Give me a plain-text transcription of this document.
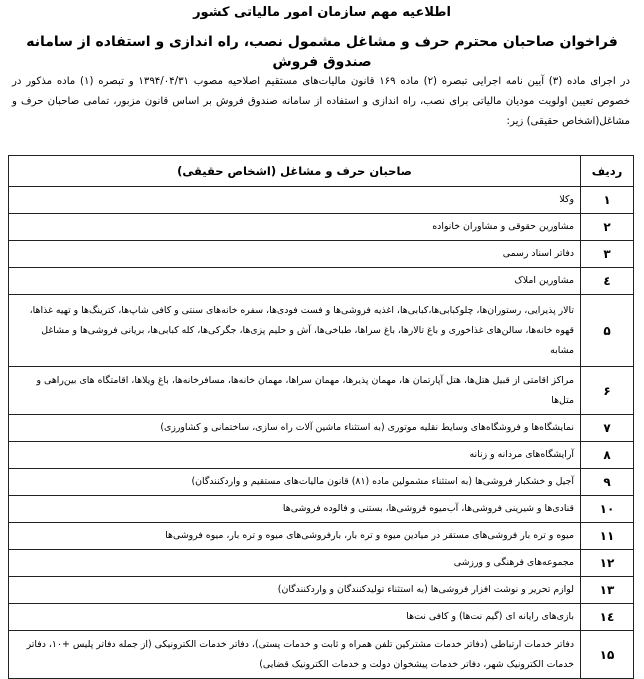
اطلاعیه مهم سازمان امور مالیاتی کشور
فراخوان صاحبان محترم حرف و مشاغل مشمول نصب، راه اندازی و استفاده از سامانه صندوق فروش
در اجرای ماده (۳) آیین نامه اجرایی تبصره (۲) ماده ۱۶۹ قانون مالیات‌های مستقیم اصلاحیه مصوب ۱۳۹۴/۰۴/۳۱ و تبصره (۱) ماده مذکور در خصوص تعیین اولویت مودیان مالیاتی برای نصب، راه اندازی و استفاده از سامانه صندوق فروش بر اساس قانون مزبور، تمامی صاحبان حرف و مشاغل(اشخاص حقیقی) زیر:
ردیف	صاحبان حرف و مشاغل (اشخاص حقیقی)
۱	وکلا
۲	مشاورین حقوقی و مشاوران خانواده
۳	دفاتر اسناد رسمی
٤	مشاورین املاک
۵	تالار پذیرایی، رستوران‌ها، چلوکبابی‌ها،کبابی‌ها، اغذیه فروشی‌ها و فست فودی‌ها، سفره خانه‌های سنتی و کافی شاپ‌ها، کترینگ‌ها و تهیه غذاها، قهوه خانه‌ها، سالن‌های غذاخوری و باغ تالارها، باغ سراها، طباخی‌ها، آش و حلیم پزی‌ها، جگرکی‌ها، کله کبابی‌ها، بریانی فروشی‌ها و مشاغل مشابه
۶	مراکز اقامتی از قبیل هتل‌ها، هتل آپارتمان ها، مهمان پذیرها، مهمان سراها، مهمان خانه‌ها، مسافرخانه‌ها، باغ ویلاها، اقامتگاه های بین‌راهی و متل‌ها
۷	نمایشگاه‌ها و فروشگاه‌های وسایط نقلیه موتوری (به استثناء ماشین آلات راه سازی، ساختمانی و کشاورزی)
۸	آرایشگاه‌های مردانه و زنانه
۹	آجیل و خشکبار فروشی‌ها (به استثناء مشمولین ماده (۸۱) قانون مالیات‌های مستقیم و واردکنندگان)
۱۰	قنادی‌ها و شیرینی فروشی‌ها، آب‌میوه فروشی‌ها، بستنی و فالوده فروشی‌ها
۱۱	میوه و تره بار فروشی‌های مستقر در میادین میوه و تره بار، بارفروشی‌های میوه و تره بار، میوه فروشی‌ها
۱۲	مجموعه‌های فرهنگی و ورزشی
۱۳	لوازم تحریر و نوشت افزار فروشی‌ها (به استثناء تولیدکنندگان و واردکنندگان)
۱٤	بازی‌های رایانه ای (گیم نت‌ها) و کافی نت‌ها
۱۵	دفاتر خدمات ارتباطی (دفاتر خدمات مشترکین تلفن همراه و ثابت و خدمات پستی)، دفاتر خدمات الکترونیکی (از جمله دفاتر پلیس +۱۰، دفاتر خدمات الکترونیک شهر، دفاتر خدمات پیشخوان دولت و خدمات الکترونیک قضایی)
